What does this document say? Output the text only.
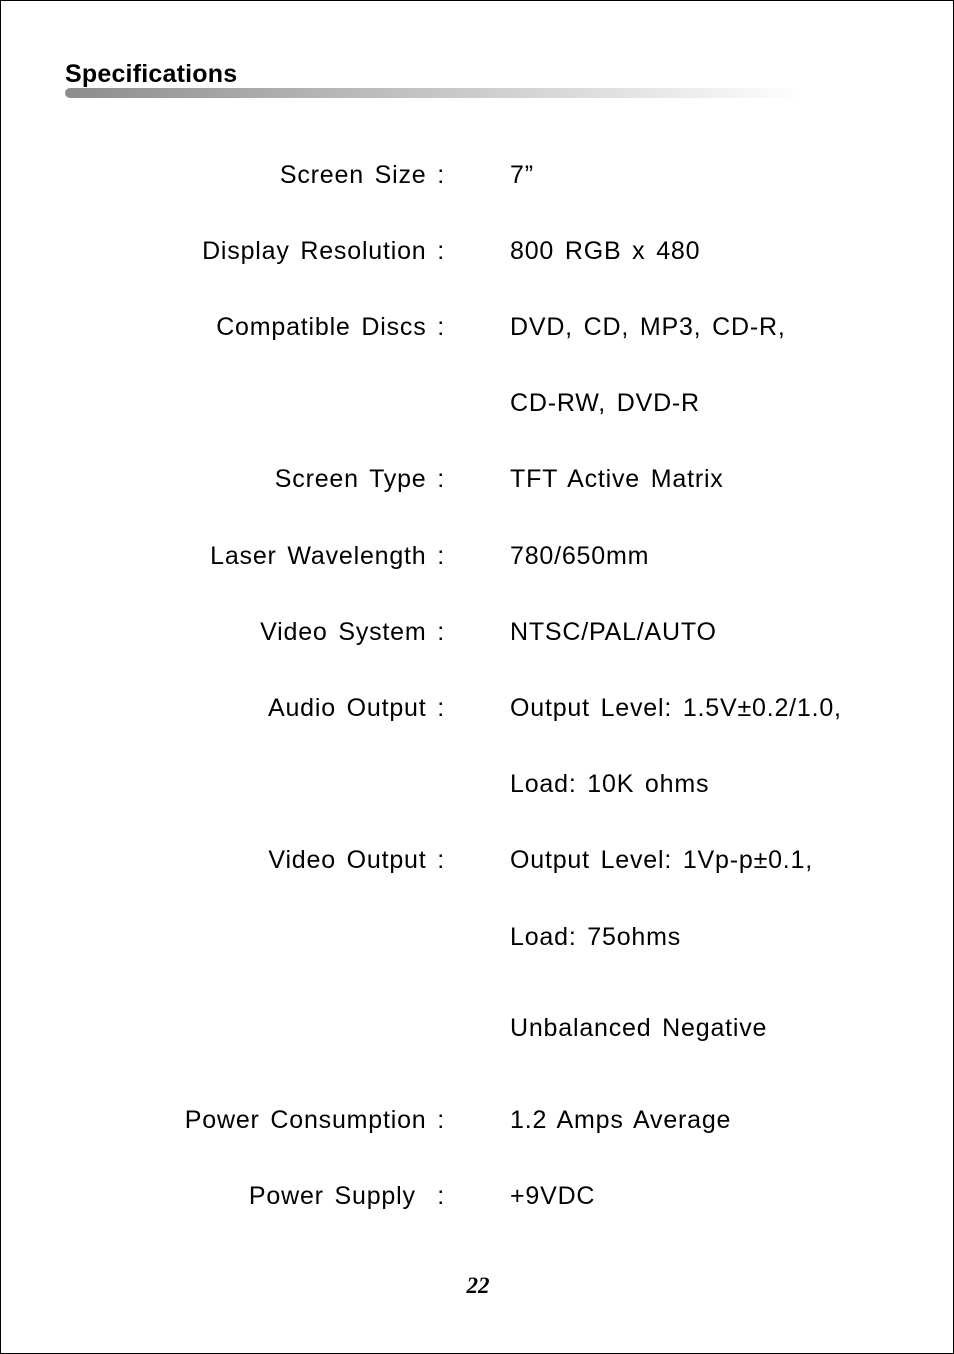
Specifications
Screen Size :	7”
Display Resolution :	800 RGB x 480
Compatible Discs :	DVD, CD, MP3, CD-R,
CD-RW, DVD-R
Screen Type :	TFT Active Matrix
Laser Wavelength :	780/650mm
Video System :	NTSC/PAL/AUTO
Audio Output :	Output Level: 1.5V±0.2/1.0,
Load: 10K ohms
Video Output :	Output Level: 1Vp-p±0.1,
Load: 75ohms
Unbalanced Negative
Power Consumption :	1.2 Amps Average
Power Supply  :	+9VDC
22
